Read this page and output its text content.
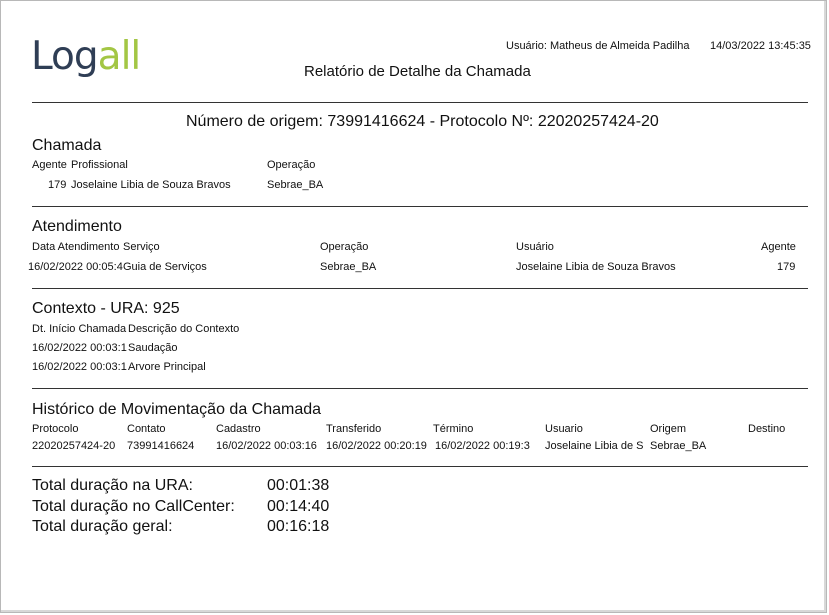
Logall	Usuário: Matheus de Almeida Padilha 14/03/2022 13:45:35
Relatório de Detalhe da Chamada
Número de origem: 73991416624 - Protocolo Nº: 22020257424-20
Chamada
Agente Profissional	Operação
179 Joselaine Libia de Souza Bravos	Sebrae_BA
Atendimento
Data Atendimento Serviço	Operação	Usuário	Agente
16/02/2022 00:05:4 Guia de Serviços	Sebrae_BA	Joselaine Libia de Souza Bravos	179
Contexto - URA: 925
Dt. Início Chamada Descrição do Contexto
16/02/2022 00:03:1 Saudação
16/02/2022 00:03:1 Arvore Principal
Histórico de Movimentação da Chamada
Protocolo	Contato	Cadastro	Transferido	Término	Usuario	Origem	Destino
22020257424-20 73991416624 16/02/2022 00:03:16 16/02/2022 00:20:19 16/02/2022 00:19:3 Joselaine Libia de S Sebrae_BA
Total duração na URA:	00:01:38
Total duração no CallCenter: 00:14:40
Total duração geral:	00:16:18
